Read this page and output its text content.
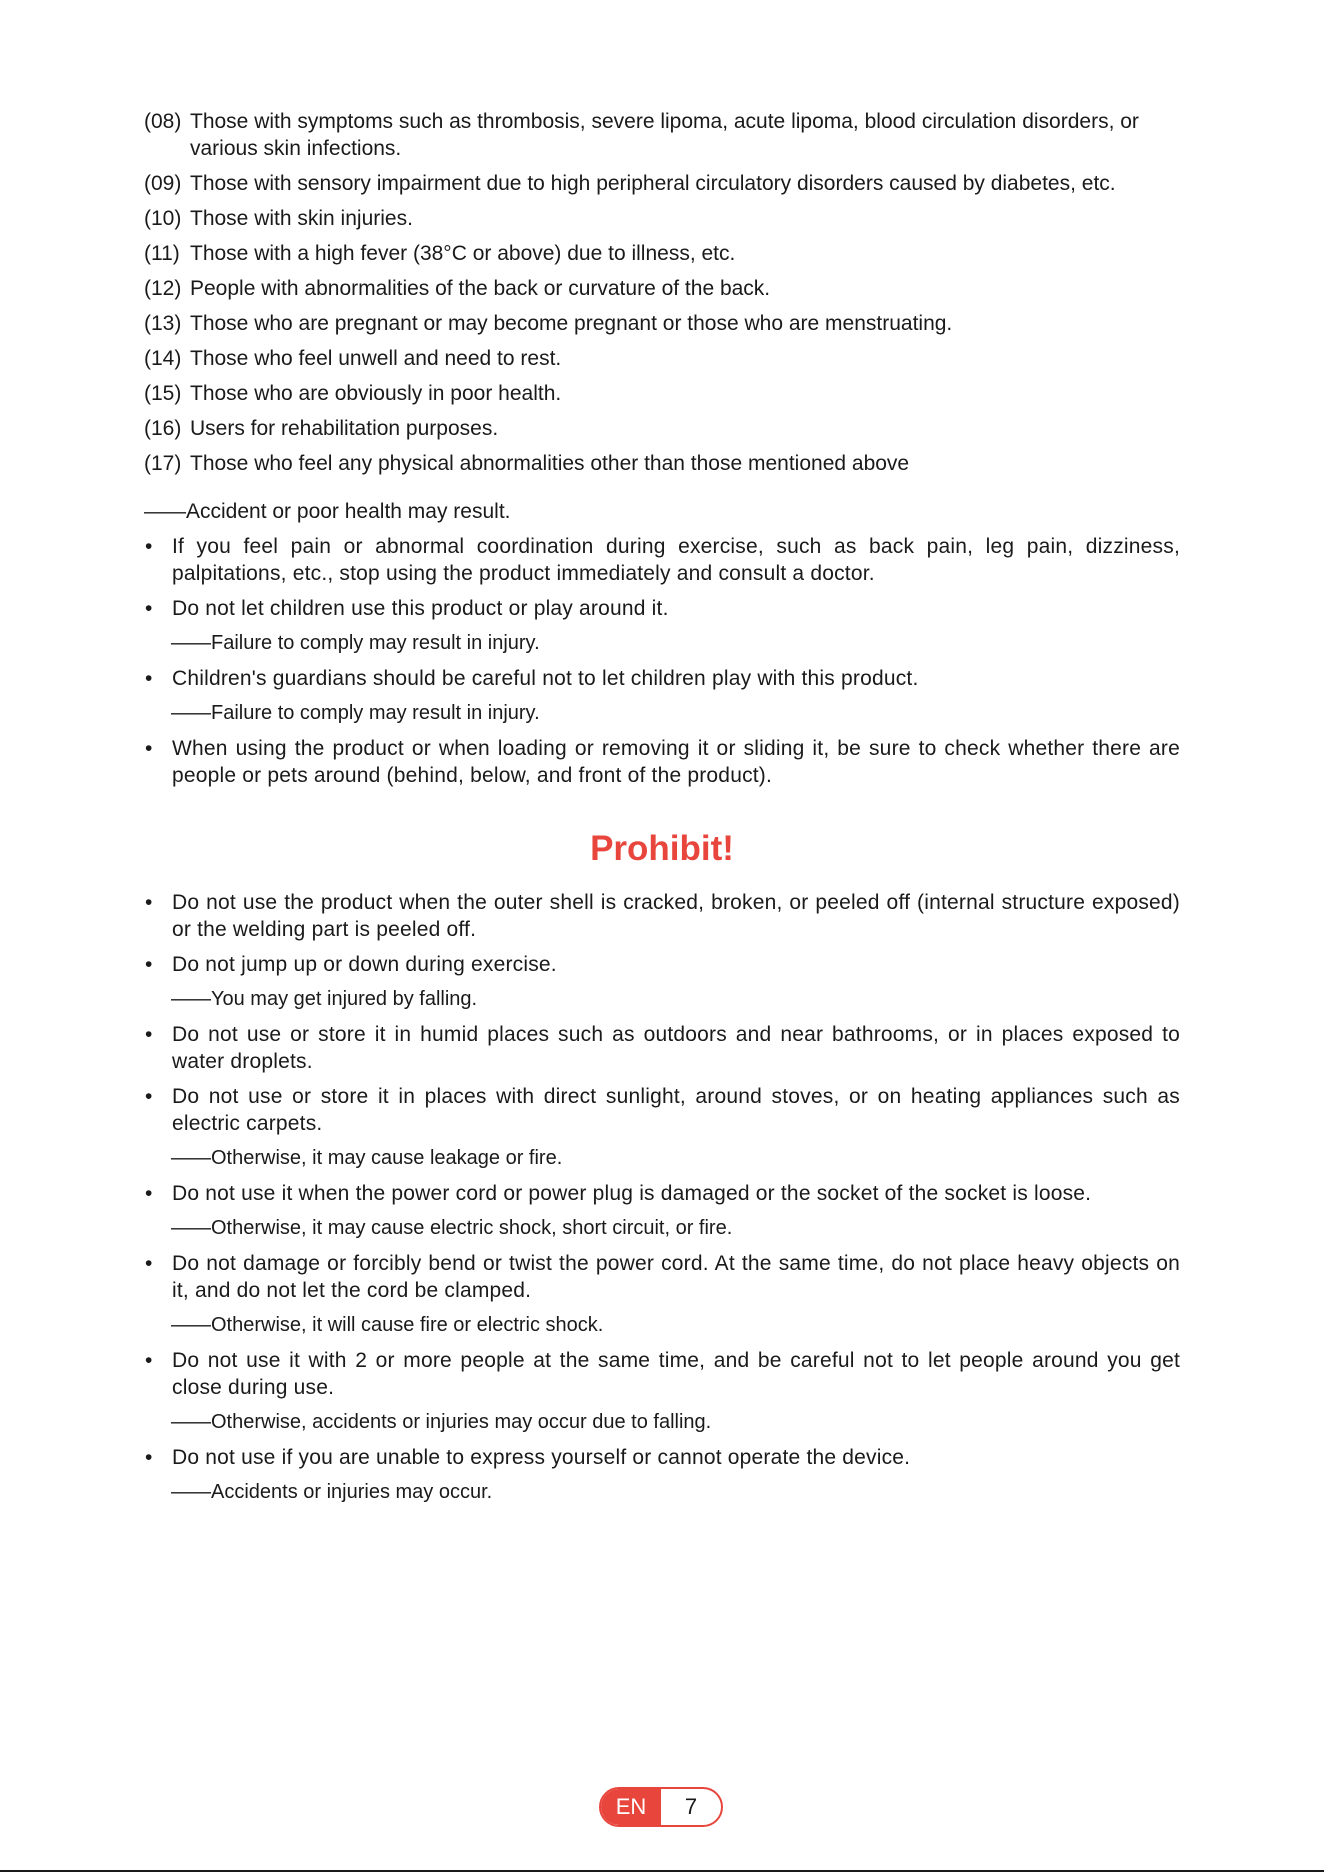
(08) Those with symptoms such as thrombosis, severe lipoma, acute lipoma, blood circulation disorders, or various skin infections.
(09) Those with sensory impairment due to high peripheral circulatory disorders caused by diabetes, etc.
(10) Those with skin injuries.
(11) Those with a high fever (38°C or above) due to illness, etc.
(12) People with abnormalities of the back or curvature of the back.
(13) Those who are pregnant or may become pregnant or those who are menstruating.
(14) Those who feel unwell and need to rest.
(15) Those who are obviously in poor health.
(16) Users for rehabilitation purposes.
(17) Those who feel any physical abnormalities other than those mentioned above

——Accident or poor health may result.

• If you feel pain or abnormal coordination during exercise, such as back pain, leg pain, dizziness, palpitations, etc., stop using the product immediately and consult a doctor.
• Do not let children use this product or play around it.
——Failure to comply may result in injury.
• Children's guardians should be careful not to let children play with this product.
——Failure to comply may result in injury.
• When using the product or when loading or removing it or sliding it, be sure to check whether there are people or pets around (behind, below, and front of the product).
Prohibit!
• Do not use the product when the outer shell is cracked, broken, or peeled off (internal structure exposed) or the welding part is peeled off.
• Do not jump up or down during exercise.
——You may get injured by falling.
• Do not use or store it in humid places such as outdoors and near bathrooms, or in places exposed to water droplets.
• Do not use or store it in places with direct sunlight, around stoves, or on heating appliances such as electric carpets.
——Otherwise, it may cause leakage or fire.
• Do not use it when the power cord or power plug is damaged or the socket of the socket is loose.
——Otherwise, it may cause electric shock, short circuit, or fire.
• Do not damage or forcibly bend or twist the power cord. At the same time, do not place heavy objects on it, and do not let the cord be clamped.
——Otherwise, it will cause fire or electric shock.
• Do not use it with 2 or more people at the same time, and be careful not to let people around you get close during use.
——Otherwise, accidents or injuries may occur due to falling.
• Do not use if you are unable to express yourself or cannot operate the device.
——Accidents or injuries may occur.
EN	7
